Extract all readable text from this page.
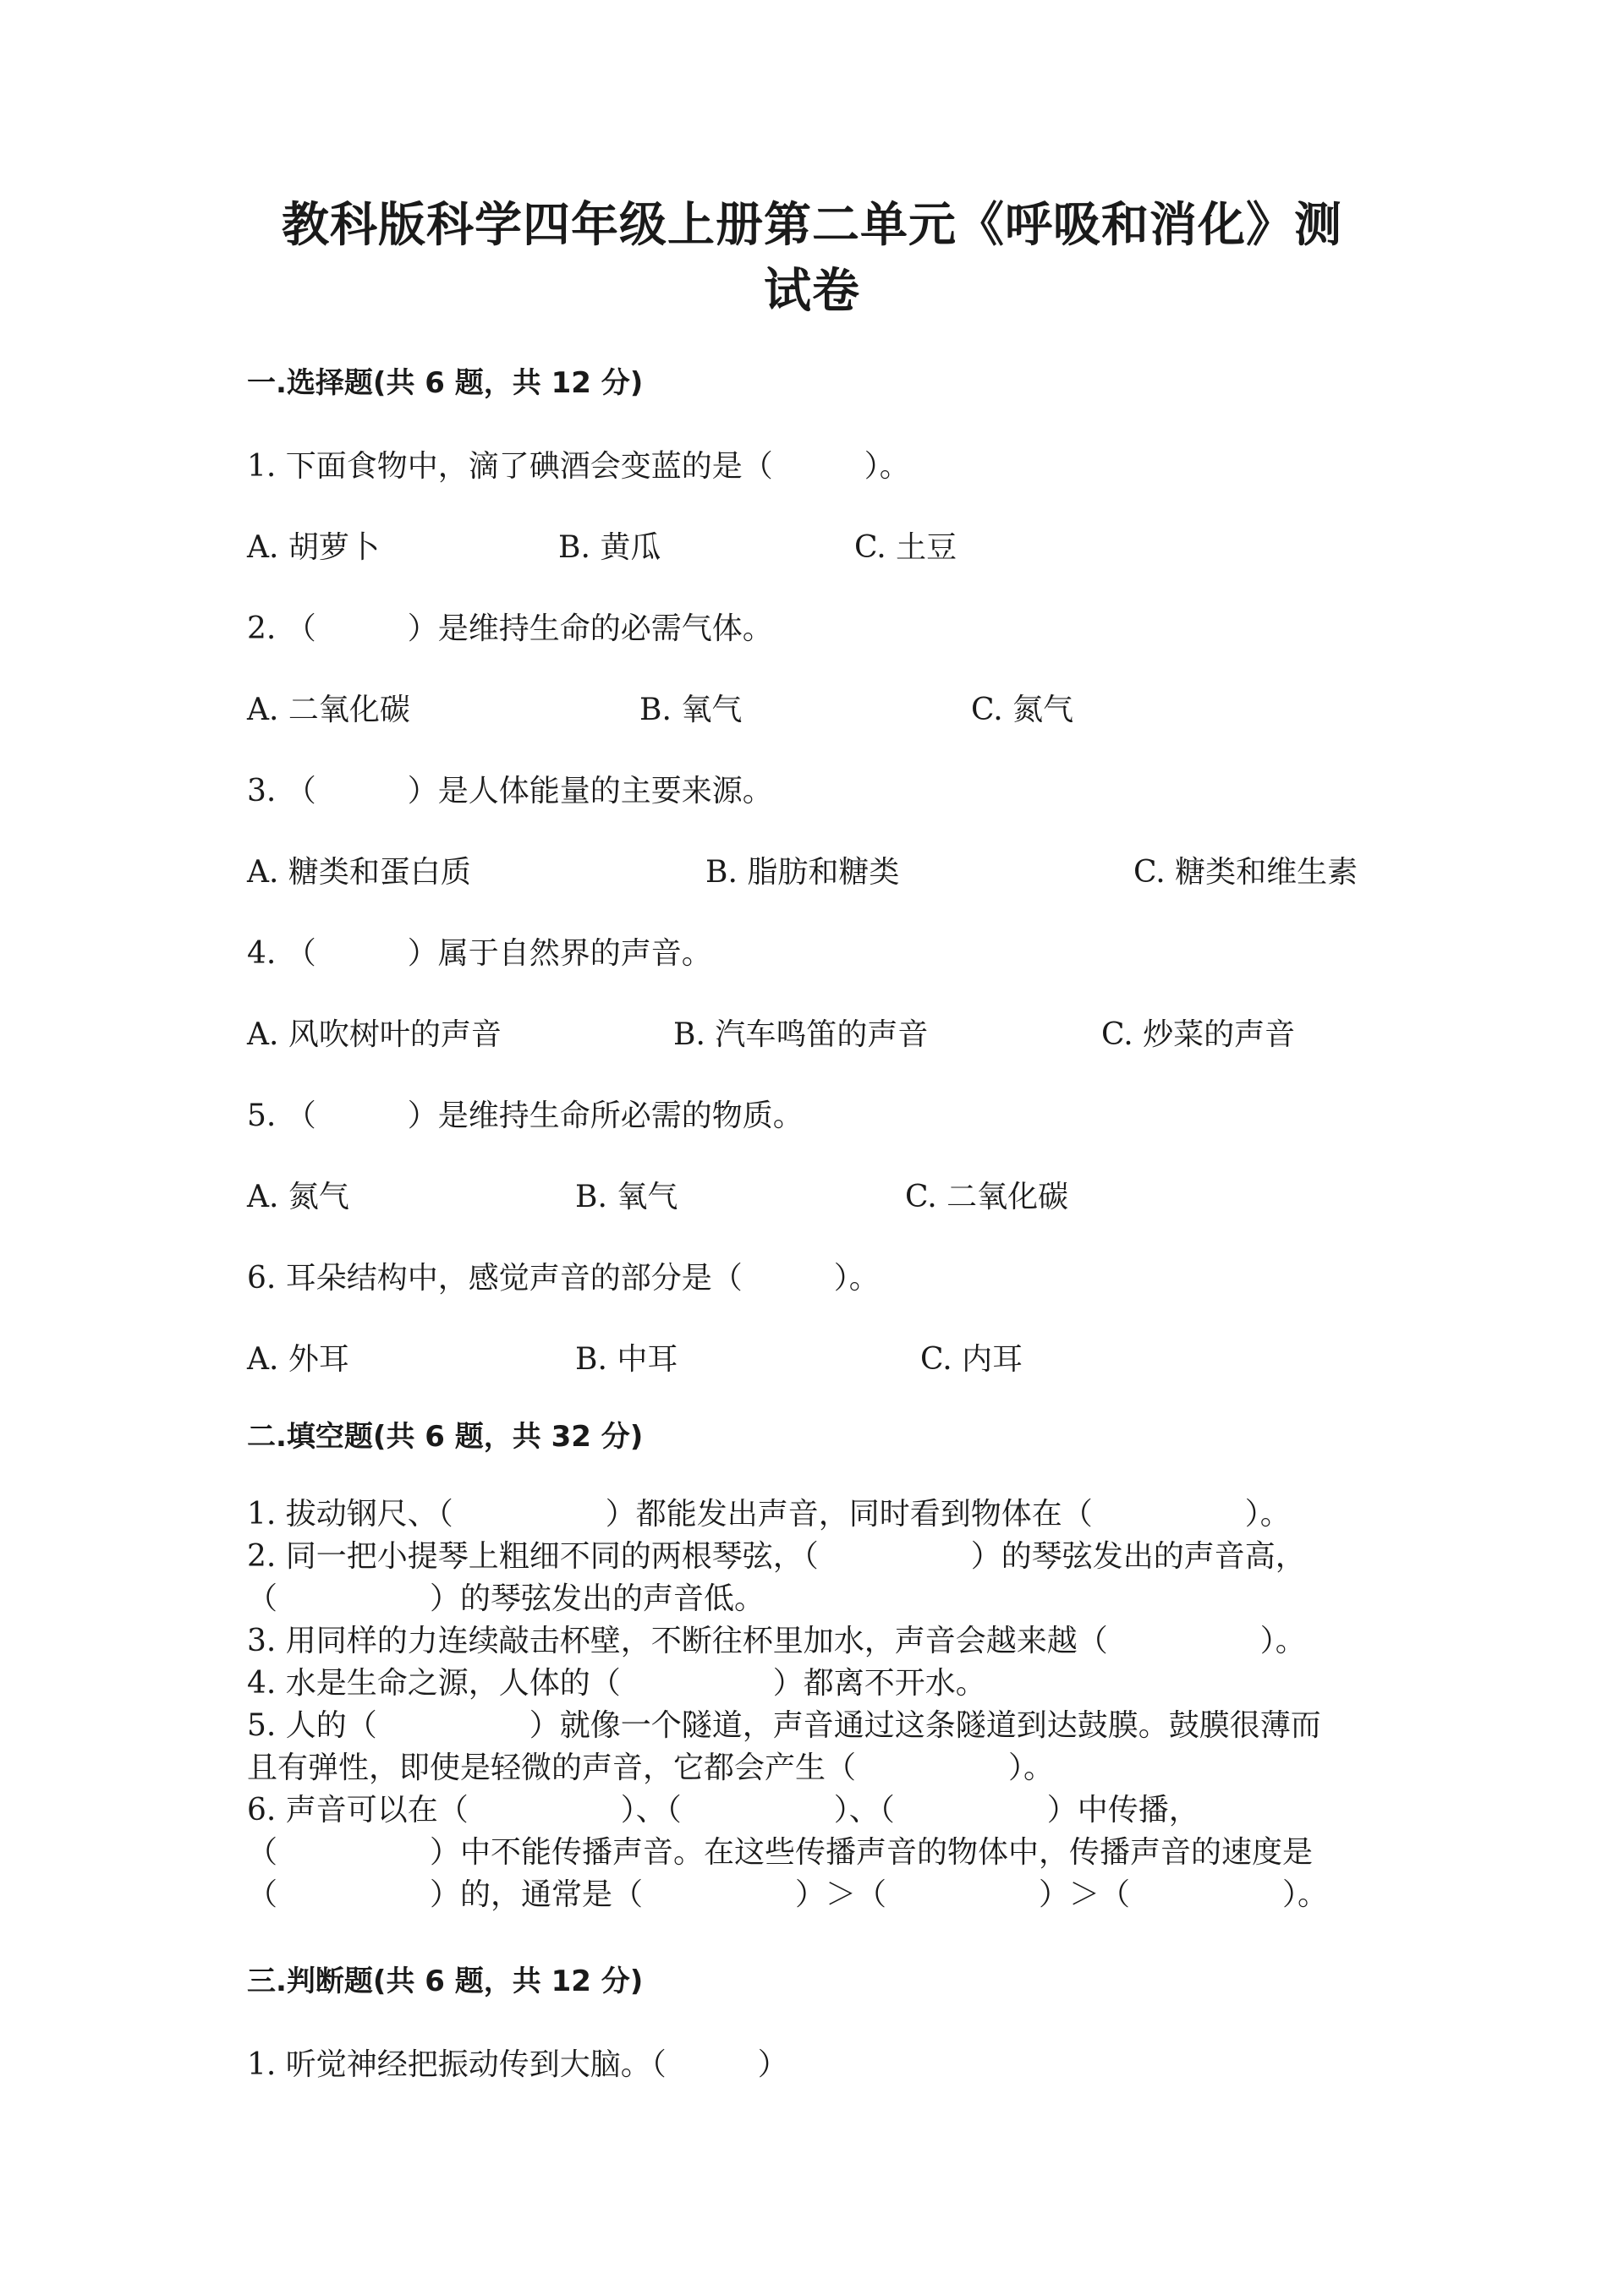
教科版科学四年级上册第二单元《呼吸和消化》测
试卷
一.选择题(共 6 题，共 12 分)
1. 下面食物中，滴了碘酒会变蓝的是（　　　）。
A. 胡萝卜	B. 黄瓜	C. 土豆
2. （　　　）是维持生命的必需气体。
A. 二氧化碳	B. 氧气	C. 氮气
3. （　　　）是人体能量的主要来源。
A. 糖类和蛋白质	B. 脂肪和糖类	C. 糖类和维生素
4. （　　　）属于自然界的声音。
A. 风吹树叶的声音	B. 汽车鸣笛的声音	C. 炒菜的声音
5. （　　　）是维持生命所必需的物质。
A. 氮气	B. 氧气	C. 二氧化碳
6. 耳朵结构中，感觉声音的部分是（　　　）。
A. 外耳	B. 中耳	C. 内耳
二.填空题(共 6 题，共 32 分)
1. 拔动钢尺、（　　　　　）都能发出声音，同时看到物体在（　　　　　）。
2. 同一把小提琴上粗细不同的两根琴弦，（　　　　　）的琴弦发出的声音高，
（　　　　　）的琴弦发出的声音低。
3. 用同样的力连续敲击杯壁，不断往杯里加水，声音会越来越（　　　　　）。
4. 水是生命之源，人体的（　　　　　）都离不开水。
5. 人的（　　　　　）就像一个隧道，声音通过这条隧道到达鼓膜。鼓膜很薄而
且有弹性，即使是轻微的声音，它都会产生（　　　　　）。
6. 声音可以在（　　　　　）、（　　　　　）、（　　　　　）中传播，
（　　　　　）中不能传播声音。在这些传播声音的物体中，传播声音的速度是
（　　　　　）的，通常是（　　　　　）＞（　　　　　）＞（　　　　　）。
三.判断题(共 6 题，共 12 分)
1. 听觉神经把振动传到大脑。（　　　）
